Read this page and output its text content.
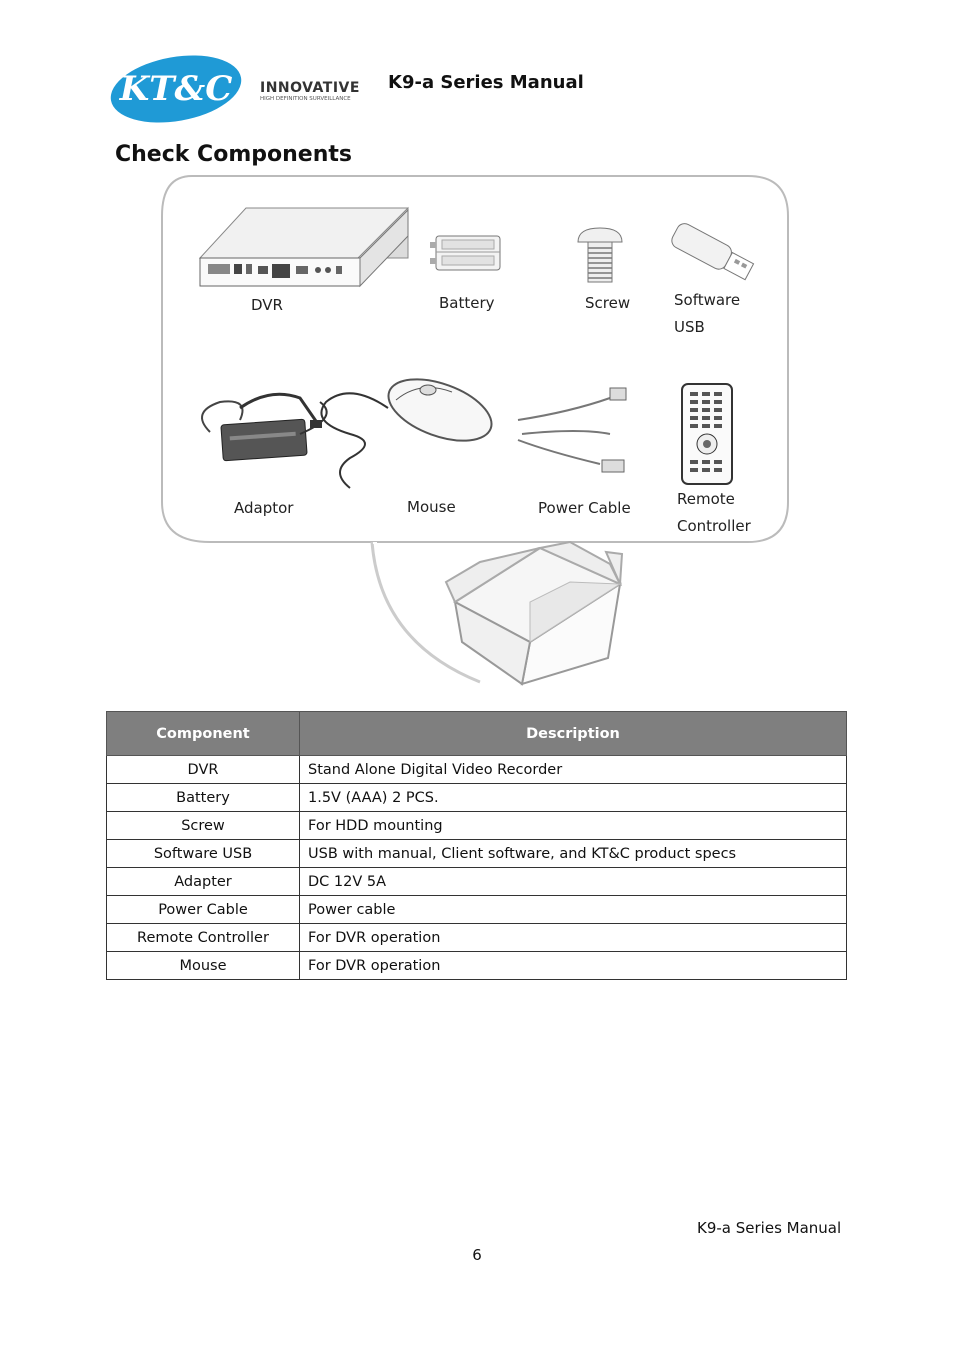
KT&C INNOVATIVE
HIGH DEFINITION SURVEILLANCE
K9-a Series Manual
Check Components
DVR	Battery	Screw	Software
USB
Adaptor	Mouse	Power Cable	Remote
Controller
Component	Description
DVR	Stand Alone Digital Video Recorder
Battery	1.5V (AAA) 2 PCS.
Screw	For HDD mounting
Software USB	USB with manual, Client software, and KT&C product specs
Adapter	DC 12V 5A
Power Cable	Power cable
Remote Controller	For DVR operation
Mouse	For DVR operation
K9-a Series Manual
6
